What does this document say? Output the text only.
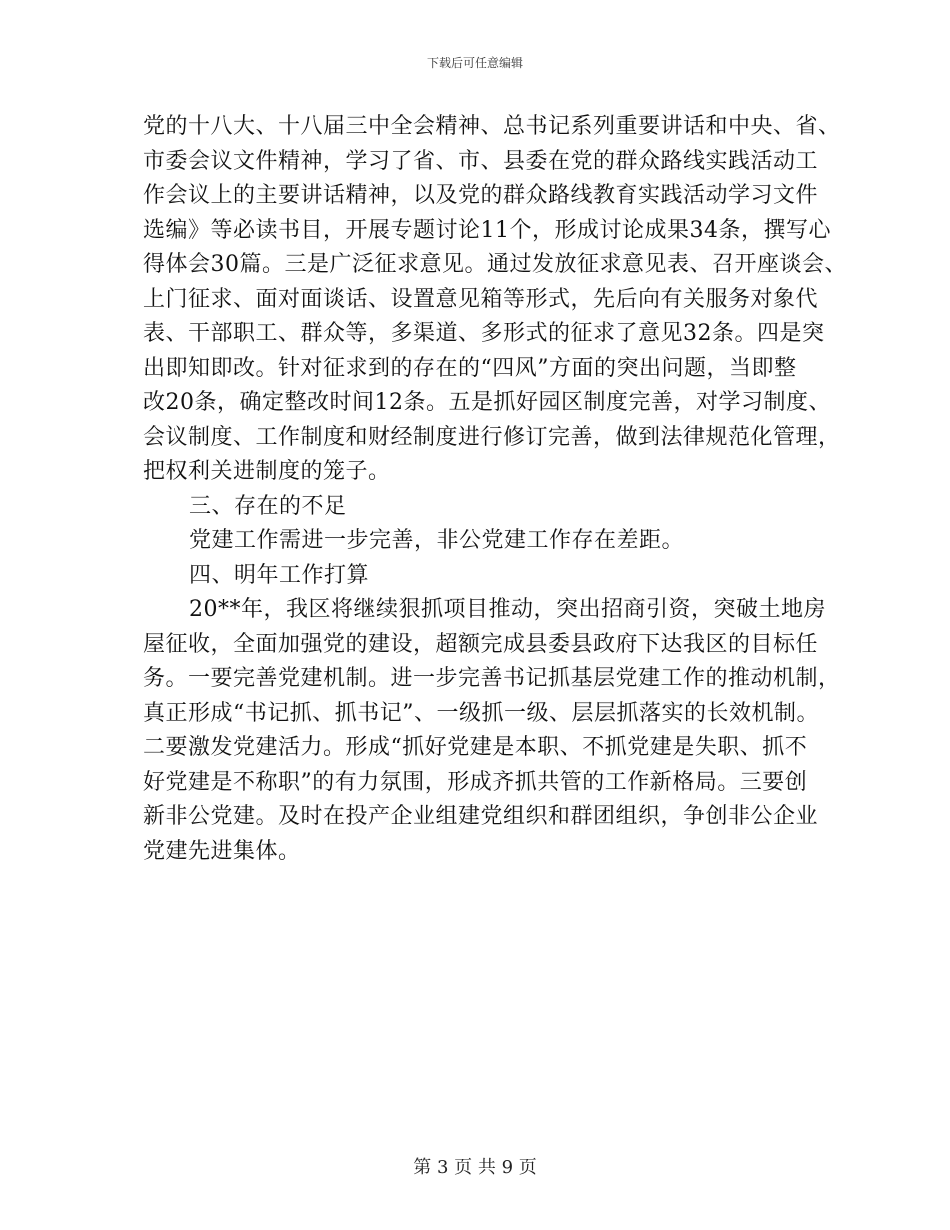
下载后可任意编辑
党的十八大、十八届三中全会精神、总书记系列重要讲话和中央、省、
市委会议文件精神，学习了省、市、县委在党的群众路线实践活动工
作会议上的主要讲话精神，以及党的群众路线教育实践活动学习文件
选编》等必读书目，开展专题讨论11个，形成讨论成果34条，撰写心
得体会30篇。三是广泛征求意见。通过发放征求意见表、召开座谈会、
上门征求、面对面谈话、设置意见箱等形式，先后向有关服务对象代
表、干部职工、群众等，多渠道、多形式的征求了意见32条。四是突
出即知即改。针对征求到的存在的“四风”方面的突出问题，当即整
改20条，确定整改时间12条。五是抓好园区制度完善，对学习制度、
会议制度、工作制度和财经制度进行修订完善，做到法律规范化管理，
把权利关进制度的笼子。
三、存在的不足
党建工作需进一步完善，非公党建工作存在差距。
四、明年工作打算
20**年，我区将继续狠抓项目推动，突出招商引资，突破土地房
屋征收，全面加强党的建设，超额完成县委县政府下达我区的目标任
务。一要完善党建机制。进一步完善书记抓基层党建工作的推动机制，
真正形成“书记抓、抓书记”、一级抓一级、层层抓落实的长效机制。
二要激发党建活力。形成“抓好党建是本职、不抓党建是失职、抓不
好党建是不称职”的有力氛围，形成齐抓共管的工作新格局。三要创
新非公党建。及时在投产企业组建党组织和群团组织，争创非公企业
党建先进集体。
第 3 页 共 9 页
